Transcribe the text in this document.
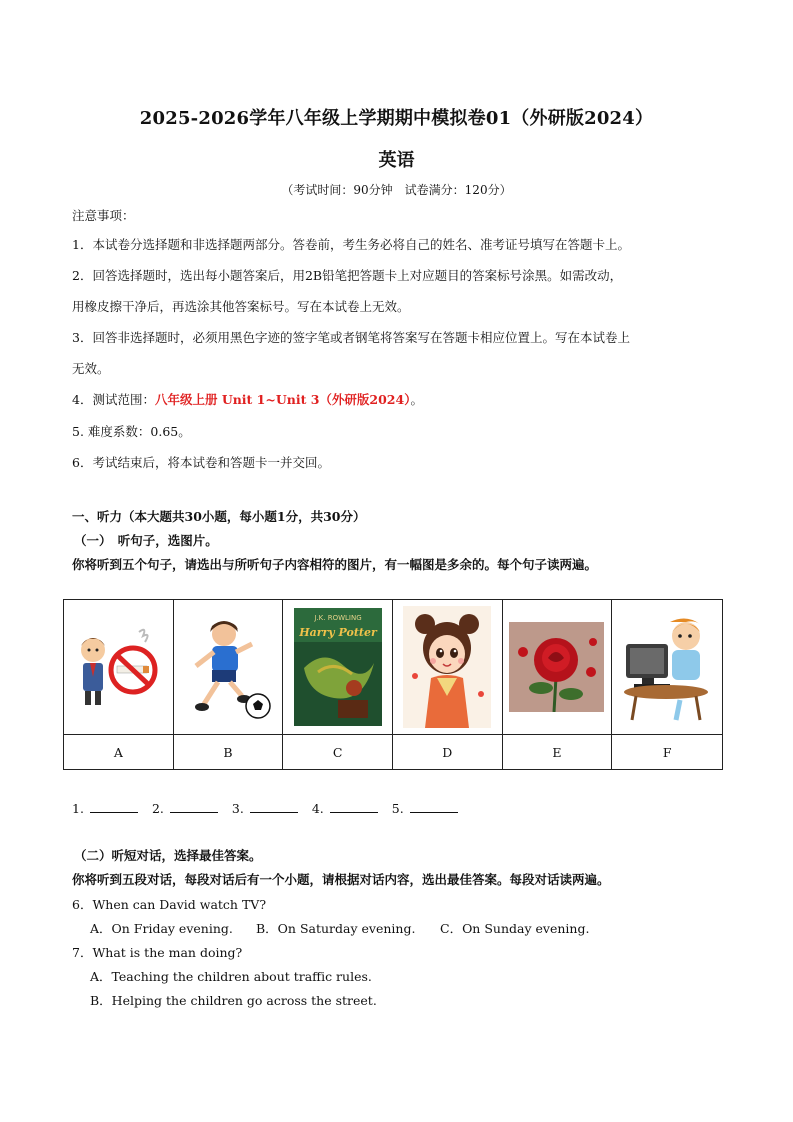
2025-2026学年八年级上学期期中模拟卷01（外研版2024）
英语
（考试时间：90分钟　试卷满分：120分）
注意事项：
1．本试卷分选择题和非选择题两部分。答卷前，考生务必将自己的姓名、准考证号填写在答题卡上。
2．回答选择题时，选出每小题答案后，用2B铅笔把答题卡上对应题目的答案标号涂黑。如需改动，
用橡皮擦干净后，再选涂其他答案标号。写在本试卷上无效。
3．回答非选择题时，必须用黑色字迹的签字笔或者钢笔将答案写在答题卡相应位置上。写在本试卷上
无效。
4．测试范围：八年级上册 Unit 1~Unit 3（外研版2024）。
5. 难度系数：0.65。
6．考试结束后，将本试卷和答题卡一并交回。
一、听力（本大题共30小题，每小题1分，共30分）
（一）　听句子，选图片。
你将听到五个句子，请选出与所听句子内容相符的图片，有一幅图是多余的。每个句子读两遍。
J.K. ROWLING
Harry Potter
A	B	C	D	E	F
1.	2.	3.	4.	5.
（二）听短对话，选择最佳答案。
你将听到五段对话，每段对话后有一个小题，请根据对话内容，选出最佳答案。每段对话读两遍。
6．When can David watch TV?
A．On Friday evening. B．On Saturday evening. C．On Sunday evening.
7．What is the man doing?
A．Teaching the children about traffic rules.
B．Helping the children go across the street.
